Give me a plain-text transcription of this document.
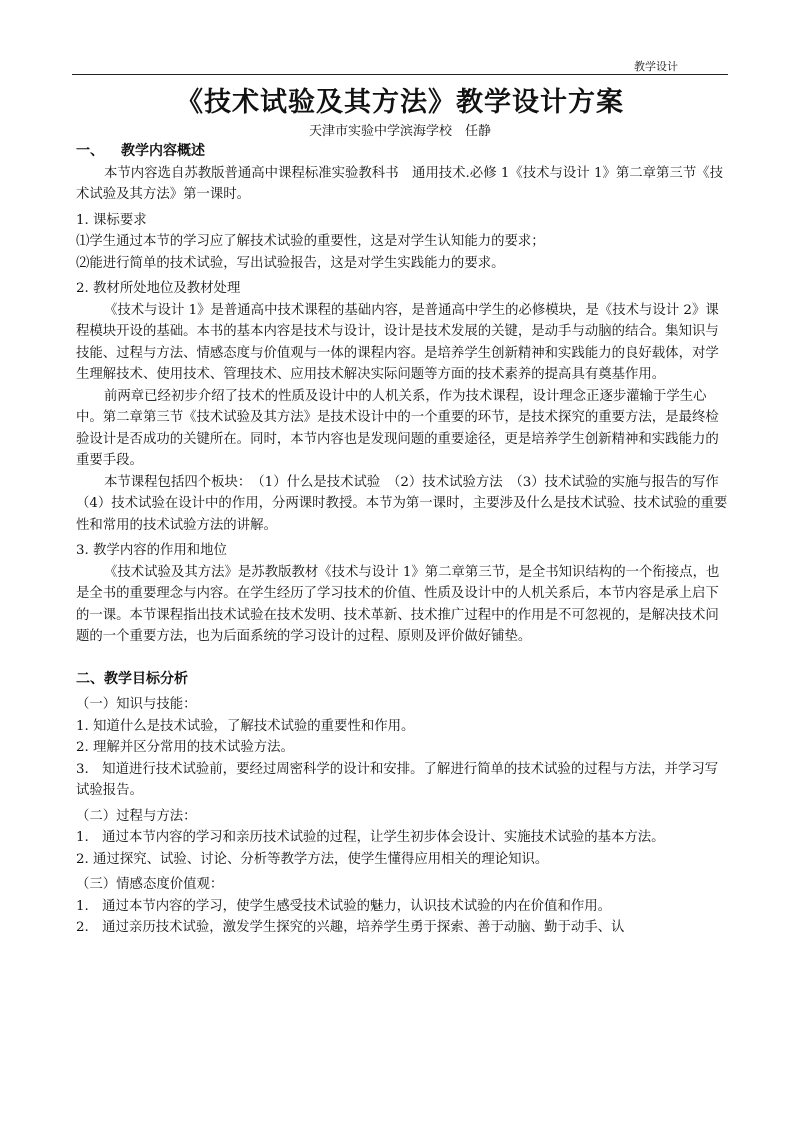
教学设计
《技术试验及其方法》教学设计方案

天津市实验中学滨海学校　任静

一、 教学内容概述

本节内容选自苏教版普通高中课程标准实验教科书　通用技术.必修 1《技术与设计 1》第二章第三节《技术试验及其方法》第一课时。

1. 课标要求

⑴学生通过本节的学习应了解技术试验的重要性，这是对学生认知能力的要求；

⑵能进行简单的技术试验，写出试验报告，这是对学生实践能力的要求。

2. 教材所处地位及教材处理

《技术与设计 1》是普通高中技术课程的基础内容，是普通高中学生的必修模块，是《技术与设计 2》课程模块开设的基础。本书的基本内容是技术与设计，设计是技术发展的关键，是动手与动脑的结合。集知识与技能、过程与方法、情感态度与价值观与一体的课程内容。是培养学生创新精神和实践能力的良好载体，对学生理解技术、使用技术、管理技术、应用技术解决实际问题等方面的技术素养的提高具有奠基作用。

前两章已经初步介绍了技术的性质及设计中的人机关系，作为技术课程，设计理念正逐步灌输于学生心中。第二章第三节《技术试验及其方法》是技术设计中的一个重要的环节，是技术探究的重要方法，是最终检验设计是否成功的关键所在。同时，本节内容也是发现问题的重要途径，更是培养学生创新精神和实践能力的重要手段。

本节课程包括四个板块：　（1）什么是技术试验　（2）技术试验方法　（3）技术试验的实施与报告的写作　（4）技术试验在设计中的作用，分两课时教授。本节为第一课时，主要涉及什么是技术试验、技术试验的重要性和常用的技术试验方法的讲解。

3. 教学内容的作用和地位

《技术试验及其方法》是苏教版教材《技术与设计 1》第二章第三节，是全书知识结构的一个衔接点，也是全书的重要理念与内容。在学生经历了学习技术的价值、性质及设计中的人机关系后，本节内容是承上启下的一课。本节课程指出技术试验在技术发明、技术革新、技术推广过程中的作用是不可忽视的，是解决技术问题的一个重要方法，也为后面系统的学习设计的过程、原则及评价做好铺垫。

二、教学目标分析

（一）知识与技能：

1. 知道什么是技术试验，了解技术试验的重要性和作用。

2. 理解并区分常用的技术试验方法。

3.　知道进行技术试验前，要经过周密科学的设计和安排。了解进行简单的技术试验的过程与方法，并学习写试验报告。

（二）过程与方法：

1.　通过本节内容的学习和亲历技术试验的过程，让学生初步体会设计、实施技术试验的基本方法。

2. 通过探究、试验、讨论、分析等教学方法，使学生懂得应用相关的理论知识。

（三）情感态度价值观：

1.　通过本节内容的学习，使学生感受技术试验的魅力，认识技术试验的内在价值和作用。

2.　通过亲历技术试验，激发学生探究的兴趣，培养学生勇于探索、善于动脑、勤于动手、认
